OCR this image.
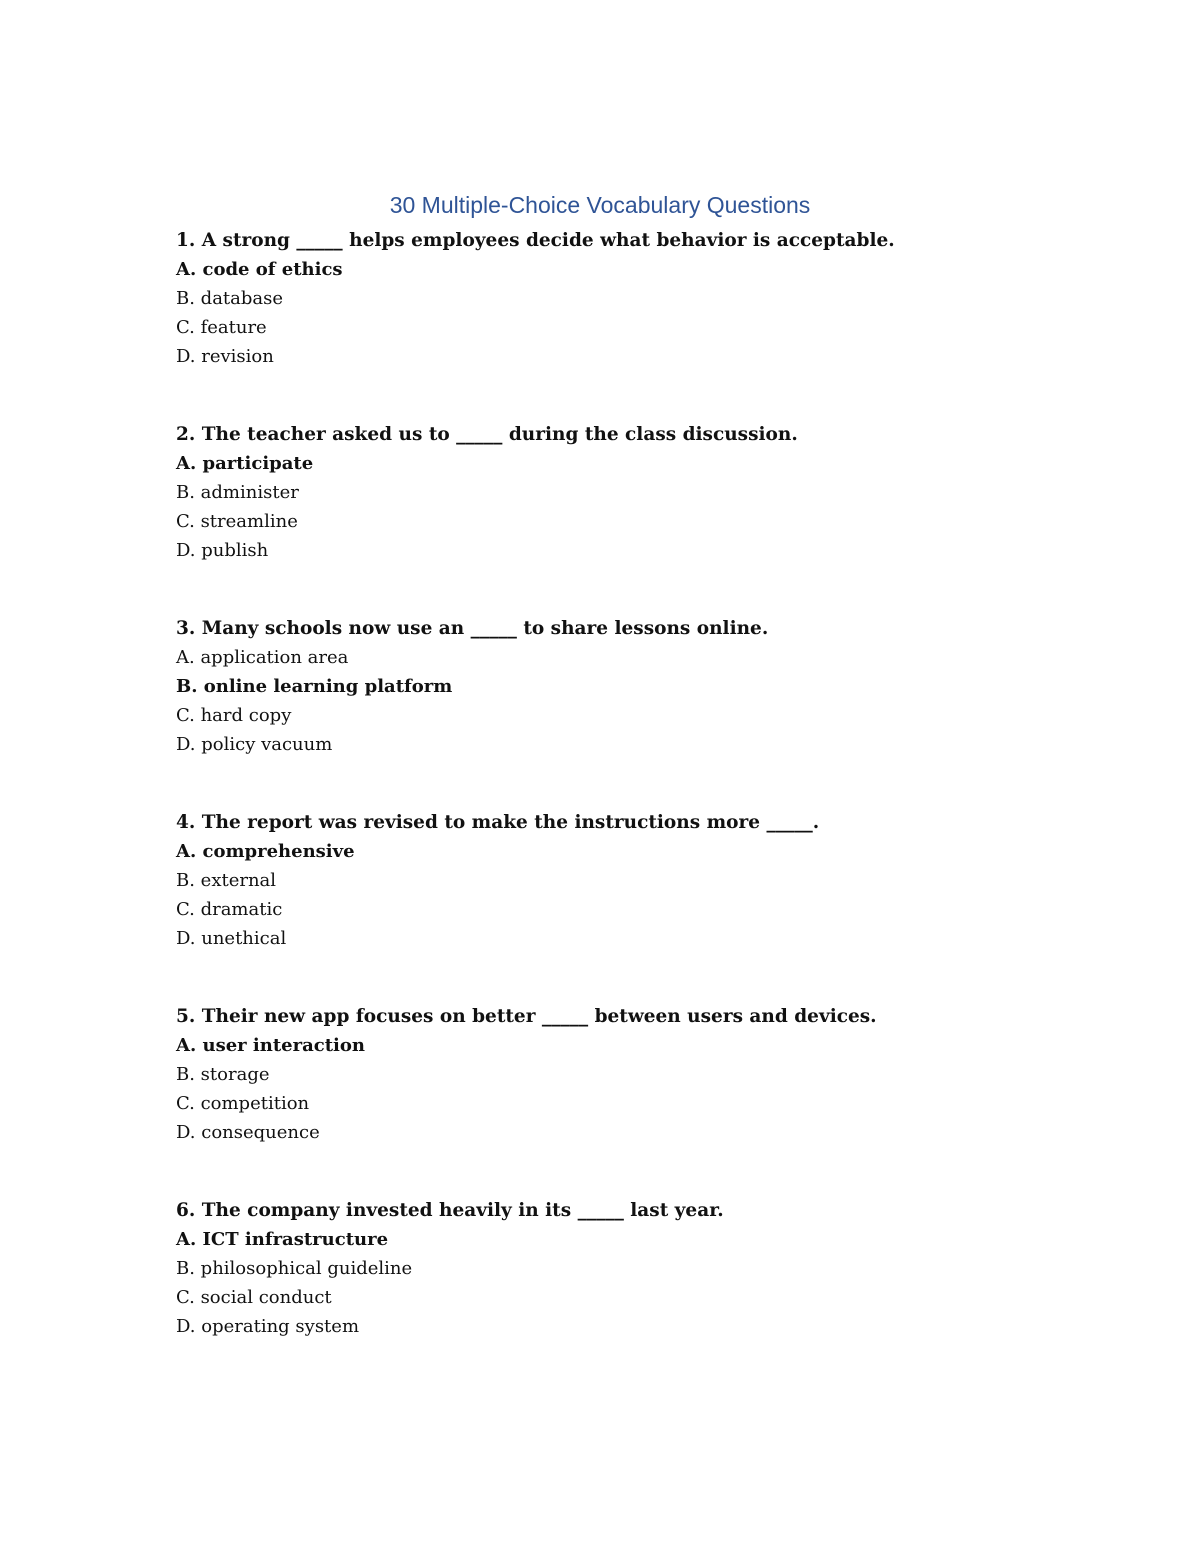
30 Multiple-Choice Vocabulary Questions
1. A strong _____ helps employees decide what behavior is acceptable.
A. code of ethics
B. database
C. feature
D. revision
2. The teacher asked us to _____ during the class discussion.
A. participate
B. administer
C. streamline
D. publish
3. Many schools now use an _____ to share lessons online.
A. application area
B. online learning platform
C. hard copy
D. policy vacuum
4. The report was revised to make the instructions more _____.
A. comprehensive
B. external
C. dramatic
D. unethical
5. Their new app focuses on better _____ between users and devices.
A. user interaction
B. storage
C. competition
D. consequence
6. The company invested heavily in its _____ last year.
A. ICT infrastructure
B. philosophical guideline
C. social conduct
D. operating system
